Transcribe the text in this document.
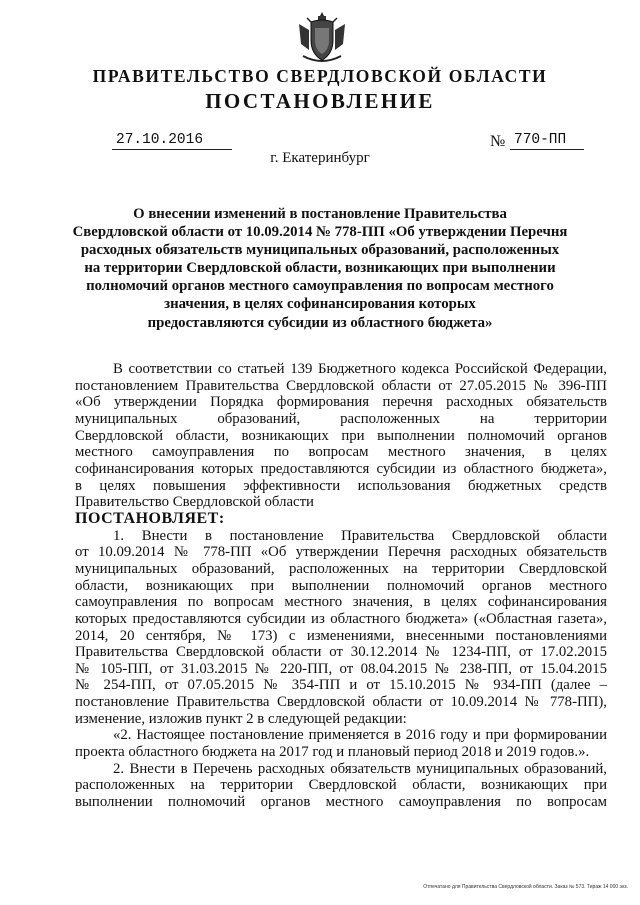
ПРАВИТЕЛЬСТВО СВЕРДЛОВСКОЙ ОБЛАСТИ
ПОСТАНОВЛЕНИЕ
27.10.2016	№ 770-ПП
г. Екатеринбург
О внесении изменений в постановление Правительства
Свердловской области от 10.09.2014 № 778-ПП «Об утверждении Перечня
расходных обязательств муниципальных образований, расположенных
на территории Свердловской области, возникающих при выполнении
полномочий органов местного самоуправления по вопросам местного
значения, в целях софинансирования которых
предоставляются субсидии из областного бюджета»

В соответствии со статьей 139 Бюджетного кодекса Российской Федерации,

постановлением Правительства Свердловской области от 27.05.2015 № 396-ПП

«Об утверждении Порядка формирования перечня расходных обязательств

муниципальных образований, расположенных на территории

Свердловской области, возникающих при выполнении полномочий органов

местного самоуправления по вопросам местного значения, в целях

софинансирования которых предоставляются субсидии из областного бюджета»,

в целях повышения эффективности использования бюджетных средств

Правительство Свердловской области

ПОСТАНОВЛЯЕТ:

1. Внести в постановление Правительства Свердловской области

от 10.09.2014 № 778-ПП «Об утверждении Перечня расходных обязательств

муниципальных образований, расположенных на территории Свердловской

области, возникающих при выполнении полномочий органов местного

самоуправления по вопросам местного значения, в целях софинансирования

которых предоставляются субсидии из областного бюджета» («Областная газета»,

2014, 20 сентября, № 173) с изменениями, внесенными постановлениями

Правительства Свердловской области от 30.12.2014 № 1234-ПП, от 17.02.2015

№ 105-ПП, от 31.03.2015 № 220-ПП, от 08.04.2015 № 238-ПП, от 15.04.2015

№ 254-ПП, от 07.05.2015 № 354-ПП и от 15.10.2015 № 934-ПП (далее –

постановление Правительства Свердловской области от 10.09.2014 № 778-ПП),

изменение, изложив пункт 2 в следующей редакции:

«2. Настоящее постановление применяется в 2016 году и при формировании

проекта областного бюджета на 2017 год и плановый период 2018 и 2019 годов.».

2. Внести в Перечень расходных обязательств муниципальных образований,

расположенных на территории Свердловской области, возникающих при

выполнении полномочий органов местного самоуправления по вопросам

Отпечатано для Правительства Свердловской области. Заказ № 573. Тираж 14 000 экз.
